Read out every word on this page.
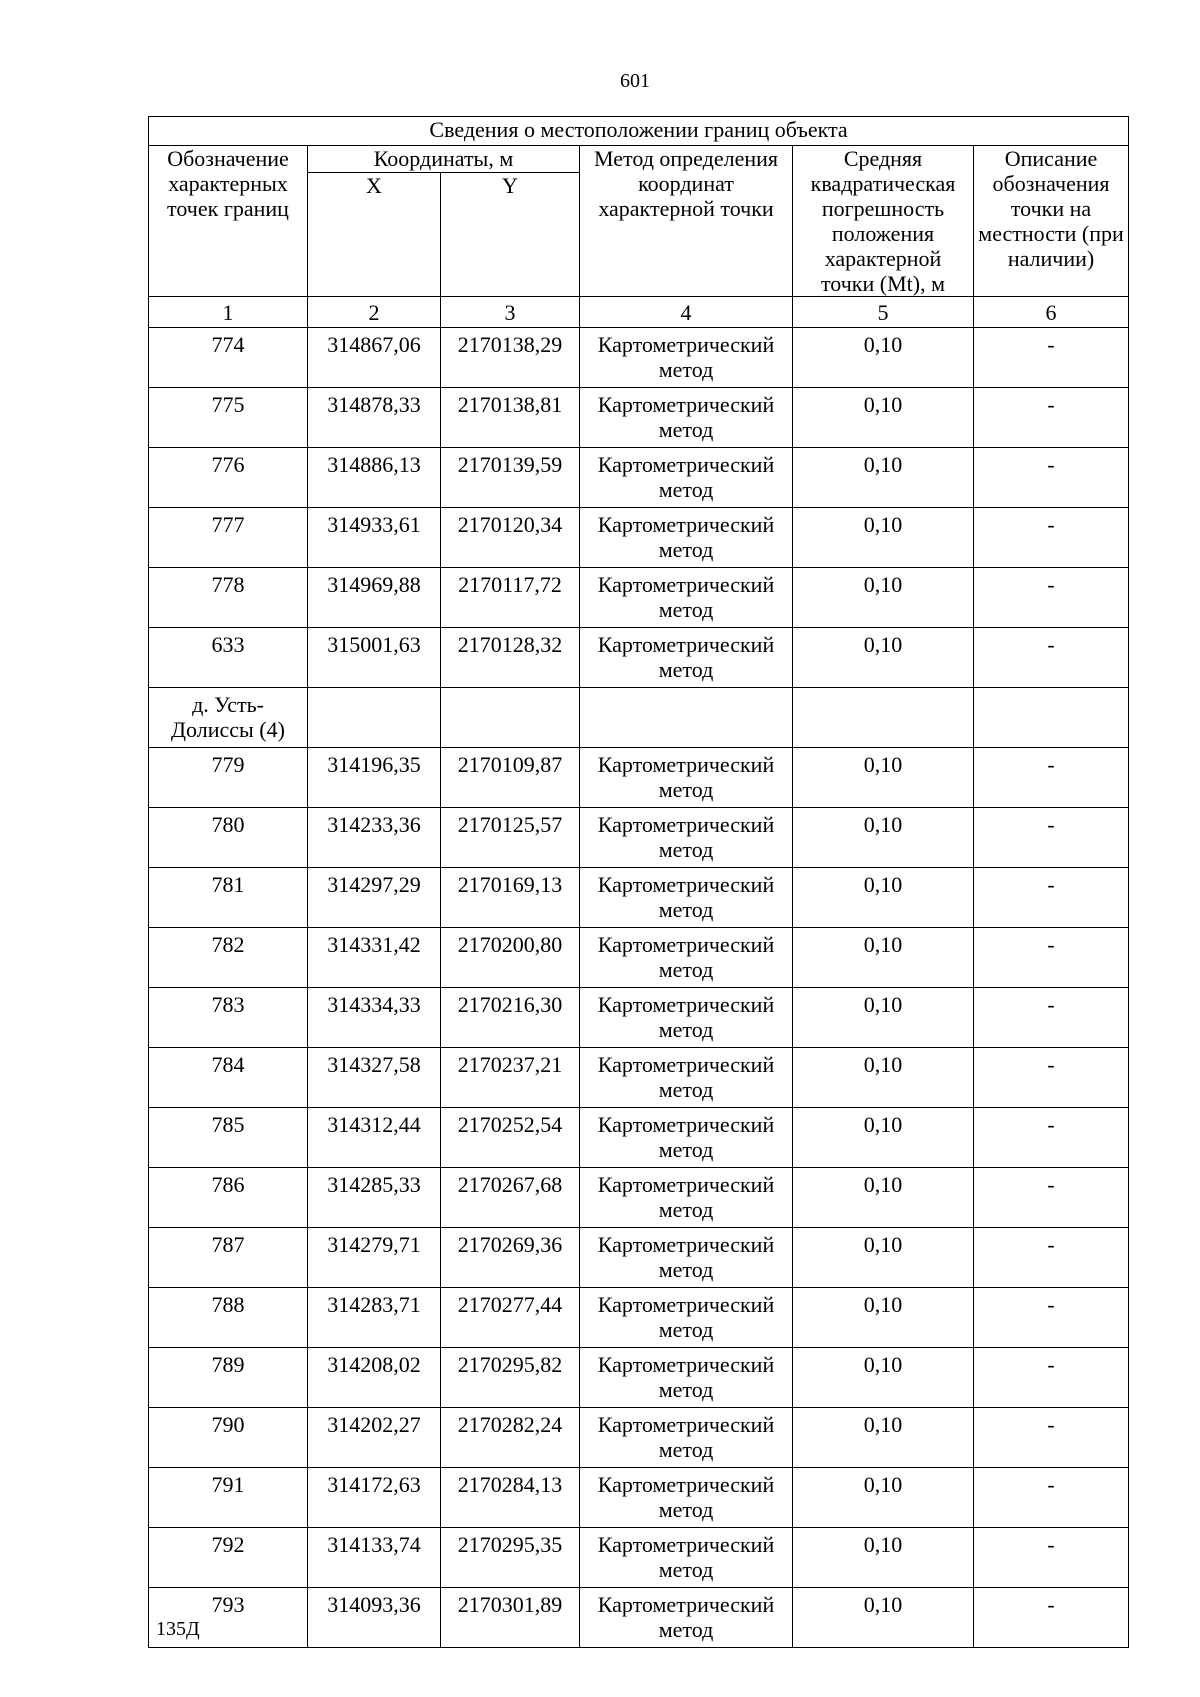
601
Сведения о местоположении границ объекта					
Обозначение характерных точек границ	Координаты, м		Метод определения координат характерной точки	Средняя квадратическая погрешность положения характерной точки (Mt), м	Описание обозначения точки на местности (при наличии)
	X	Y			
1	2	3	4	5	6
774	314867,06	2170138,29	Картометрический метод	0,10	-
775	314878,33	2170138,81	Картометрический метод	0,10	-
776	314886,13	2170139,59	Картометрический метод	0,10	-
777	314933,61	2170120,34	Картометрический метод	0,10	-
778	314969,88	2170117,72	Картометрический метод	0,10	-
633	315001,63	2170128,32	Картометрический метод	0,10	-
д. Усть-Долиссы (4)					
779	314196,35	2170109,87	Картометрический метод	0,10	-
780	314233,36	2170125,57	Картометрический метод	0,10	-
781	314297,29	2170169,13	Картометрический метод	0,10	-
782	314331,42	2170200,80	Картометрический метод	0,10	-
783	314334,33	2170216,30	Картометрический метод	0,10	-
784	314327,58	2170237,21	Картометрический метод	0,10	-
785	314312,44	2170252,54	Картометрический метод	0,10	-
786	314285,33	2170267,68	Картометрический метод	0,10	-
787	314279,71	2170269,36	Картометрический метод	0,10	-
788	314283,71	2170277,44	Картометрический метод	0,10	-
789	314208,02	2170295,82	Картометрический метод	0,10	-
790	314202,27	2170282,24	Картометрический метод	0,10	-
791	314172,63	2170284,13	Картометрический метод	0,10	-
792	314133,74	2170295,35	Картометрический метод	0,10	-
793	314093,36	2170301,89	Картометрический метод	0,10	-
135Д
